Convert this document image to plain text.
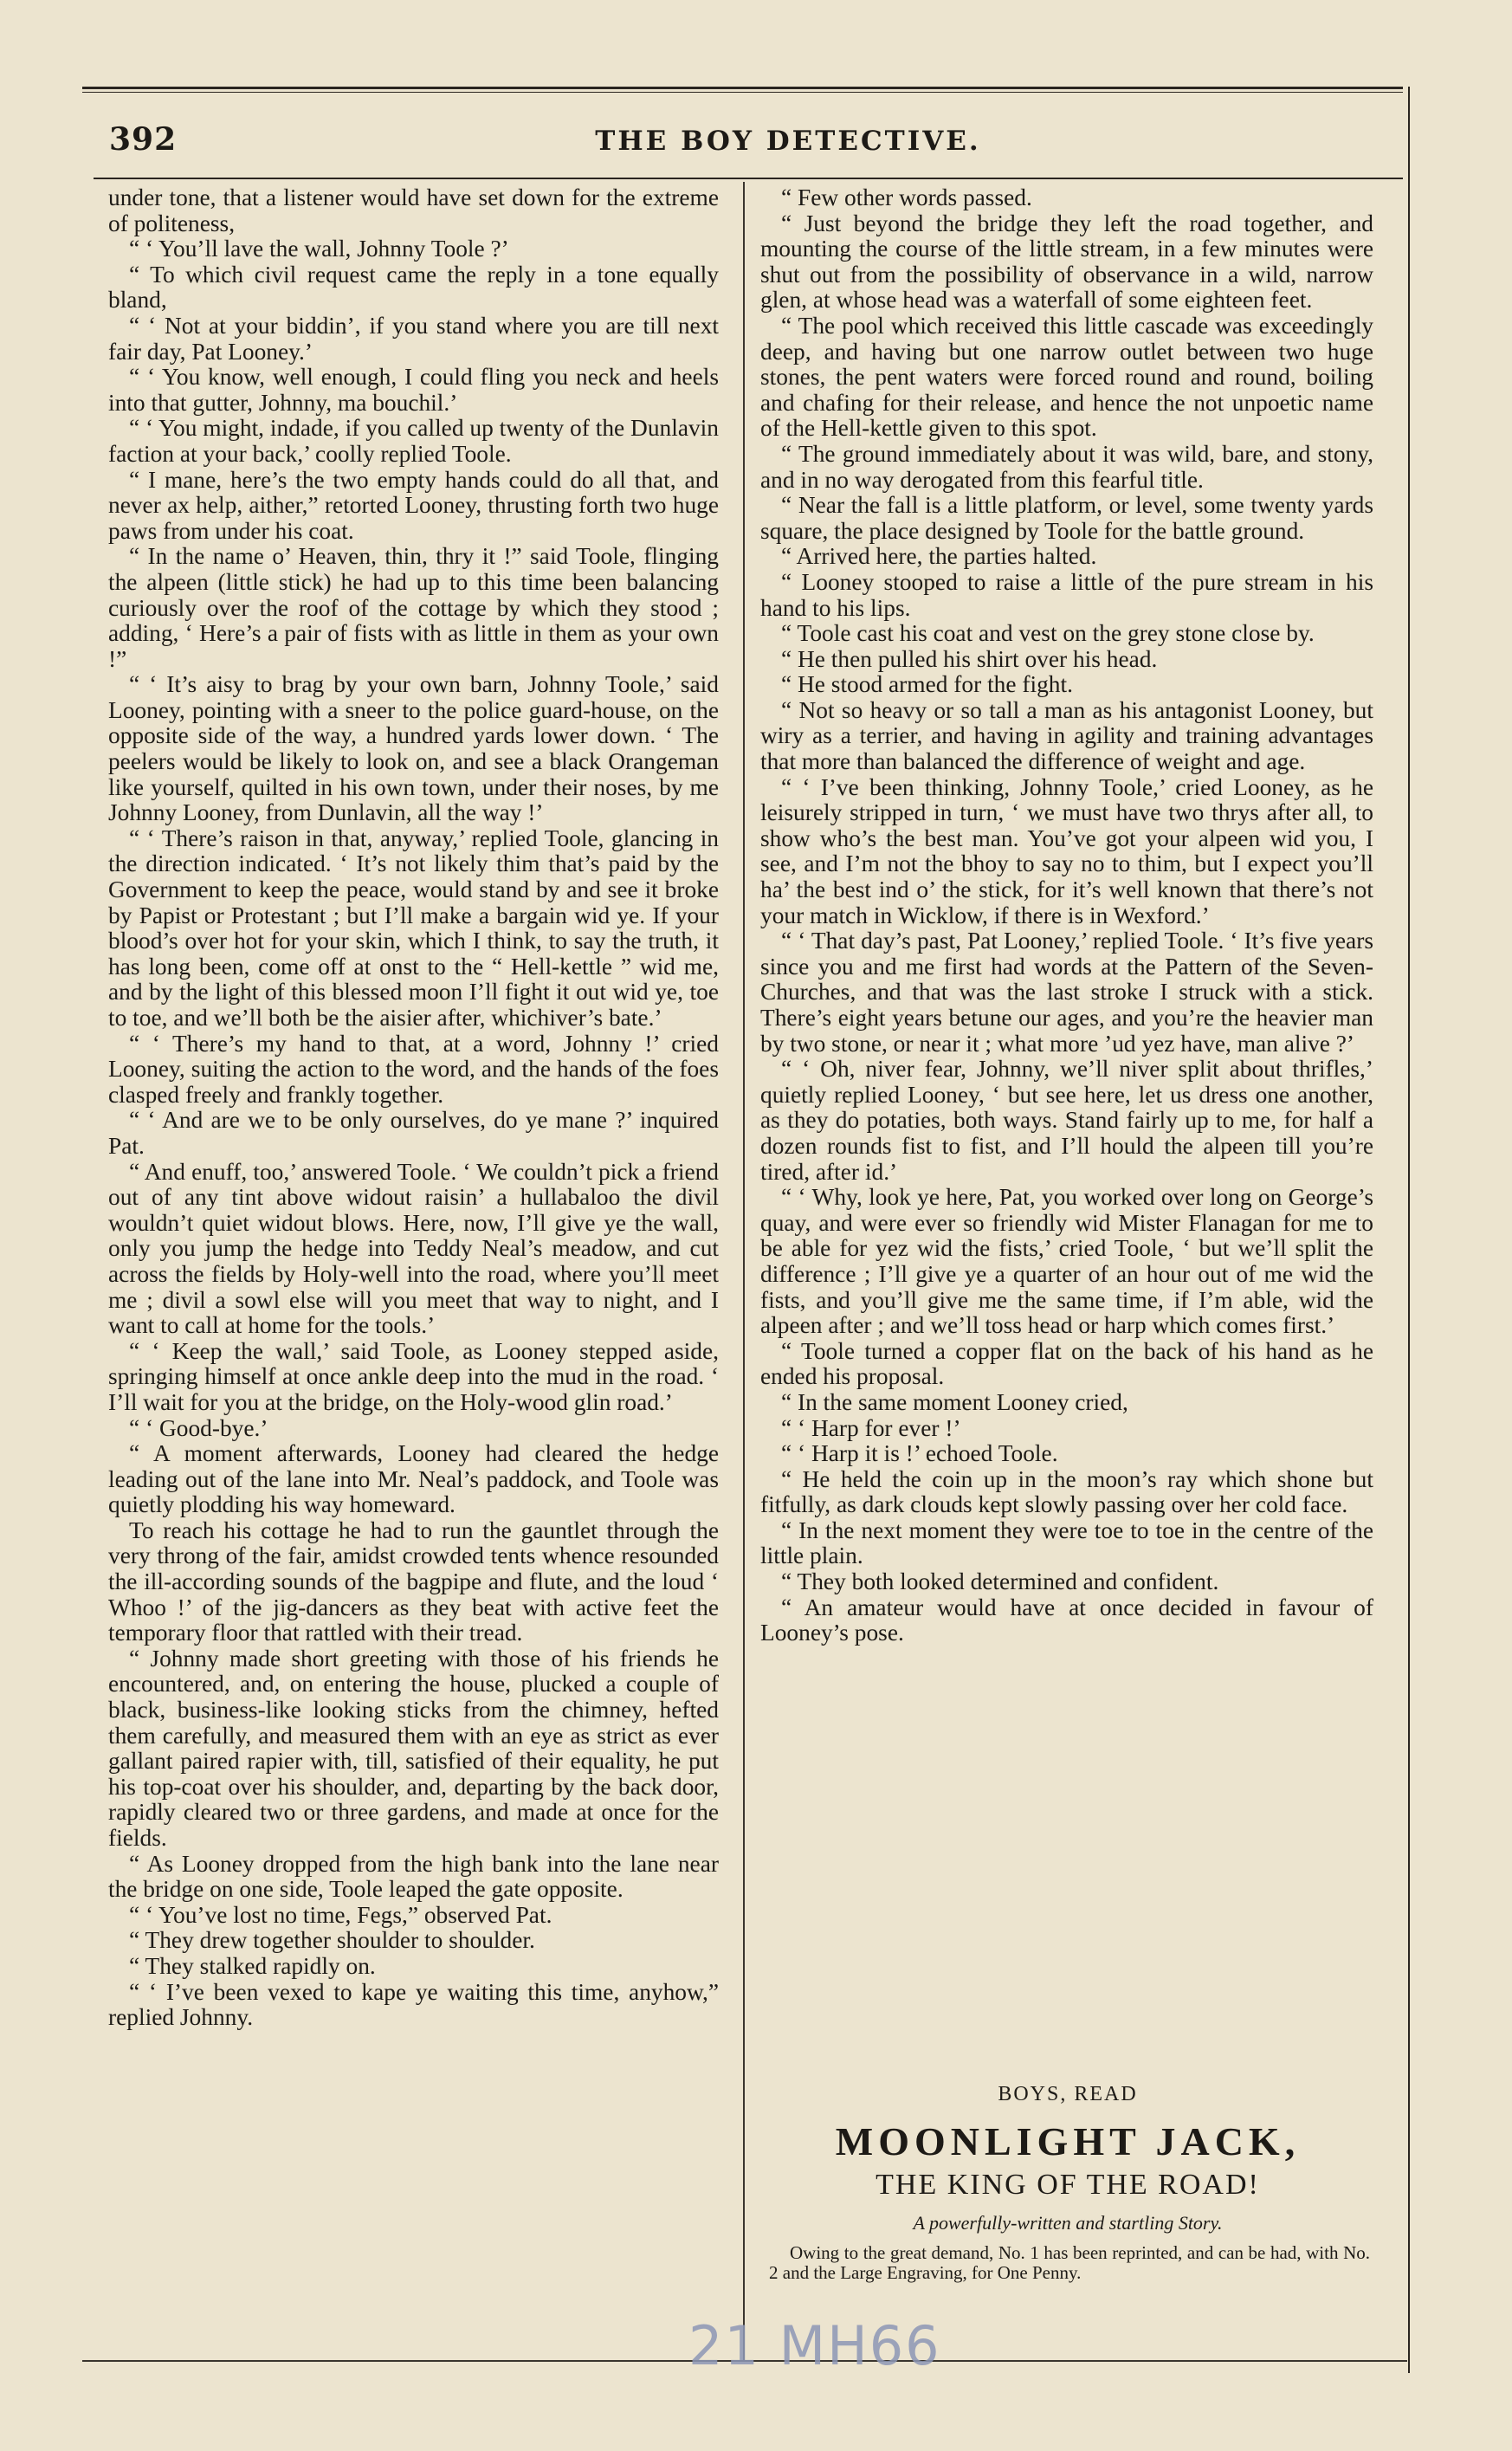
392	THE BOY DETECTIVE.

under tone, that a listener would have set down for the extreme of politeness,

“ ‘ You’ll lave the wall, Johnny Toole ?’

“ To which civil request came the reply in a tone equally bland,

“ ‘ Not at your biddin’, if you stand where you are till next fair day, Pat Looney.’

“ ‘ You know, well enough, I could fling you neck and heels into that gutter, Johnny, ma bouchil.’

“ ‘ You might, indade, if you called up twenty of the Dunlavin faction at your back,’ coolly replied Toole.

“ I mane, here’s the two empty hands could do all that, and never ax help, aither,” retorted Looney, thrusting forth two huge paws from under his coat.

“ In the name o’ Heaven, thin, thry it !” said Toole, flinging the alpeen (little stick) he had up to this time been balancing curiously over the roof of the cottage by which they stood ; adding, ‘ Here’s a pair of fists with as little in them as your own !”

“ ‘ It’s aisy to brag by your own barn, Johnny Toole,’ said Looney, pointing with a sneer to the police guard-house, on the opposite side of the way, a hundred yards lower down. ‘ The peelers would be likely to look on, and see a black Orangeman like yourself, quilted in his own town, under their noses, by me Johnny Looney, from Dunlavin, all the way !’

“ ‘ There’s raison in that, anyway,’ replied Toole, glancing in the direction indicated. ‘ It’s not likely thim that’s paid by the Government to keep the peace, would stand by and see it broke by Papist or Protestant ; but I’ll make a bargain wid ye. If your blood’s over hot for your skin, which I think, to say the truth, it has long been, come off at onst to the “ Hell-kettle ” wid me, and by the light of this blessed moon I’ll fight it out wid ye, toe to toe, and we’ll both be the aisier after, whichiver’s bate.’

“ ‘ There’s my hand to that, at a word, Johnny !’ cried Looney, suiting the action to the word, and the hands of the foes clasped freely and frankly together.

“ ‘ And are we to be only ourselves, do ye mane ?’ inquired Pat.

“ And enuff, too,’ answered Toole. ‘ We couldn’t pick a friend out of any tint above widout raisin’ a hullabaloo the divil wouldn’t quiet widout blows. Here, now, I’ll give ye the wall, only you jump the hedge into Teddy Neal’s meadow, and cut across the fields by Holy-well into the road, where you’ll meet me ; divil a sowl else will you meet that way to night, and I want to call at home for the tools.’

“ ‘ Keep the wall,’ said Toole, as Looney stepped aside, springing himself at once ankle deep into the mud in the road. ‘ I’ll wait for you at the bridge, on the Holy-wood glin road.’

“ ‘ Good-bye.’

“ A moment afterwards, Looney had cleared the hedge leading out of the lane into Mr. Neal’s paddock, and Toole was quietly plodding his way homeward.

To reach his cottage he had to run the gauntlet through the very throng of the fair, amidst crowded tents whence resounded the ill-according sounds of the bagpipe and flute, and the loud ‘ Whoo !’ of the jig-dancers as they beat with active feet the temporary floor that rattled with their tread.

“ Johnny made short greeting with those of his friends he encountered, and, on entering the house, plucked a couple of black, business-like looking sticks from the chimney, hefted them carefully, and measured them with an eye as strict as ever gallant paired rapier with, till, satisfied of their equality, he put his top-coat over his shoulder, and, departing by the back door, rapidly cleared two or three gardens, and made at once for the fields.

“ As Looney dropped from the high bank into the lane near the bridge on one side, Toole leaped the gate opposite.

“ ‘ You’ve lost no time, Fegs,” observed Pat.

“ They drew together shoulder to shoulder.

“ They stalked rapidly on.

“ ‘ I’ve been vexed to kape ye waiting this time, anyhow,” replied Johnny.

“ Few other words passed.

“ Just beyond the bridge they left the road together, and mounting the course of the little stream, in a few minutes were shut out from the possibility of observance in a wild, narrow glen, at whose head was a waterfall of some eighteen feet.

“ The pool which received this little cascade was exceedingly deep, and having but one narrow outlet between two huge stones, the pent waters were forced round and round, boiling and chafing for their release, and hence the not unpoetic name of the Hell-kettle given to this spot.

“ The ground immediately about it was wild, bare, and stony, and in no way derogated from this fearful title.

“ Near the fall is a little platform, or level, some twenty yards square, the place designed by Toole for the battle ground.

“ Arrived here, the parties halted.

“ Looney stooped to raise a little of the pure stream in his hand to his lips.

“ Toole cast his coat and vest on the grey stone close by.

“ He then pulled his shirt over his head.

“ He stood armed for the fight.

“ Not so heavy or so tall a man as his antagonist Looney, but wiry as a terrier, and having in agility and training advantages that more than balanced the difference of weight and age.

“ ‘ I’ve been thinking, Johnny Toole,’ cried Looney, as he leisurely stripped in turn, ‘ we must have two thrys after all, to show who’s the best man. You’ve got your alpeen wid you, I see, and I’m not the bhoy to say no to thim, but I expect you’ll ha’ the best ind o’ the stick, for it’s well known that there’s not your match in Wicklow, if there is in Wexford.’

“ ‘ That day’s past, Pat Looney,’ replied Toole. ‘ It’s five years since you and me first had words at the Pattern of the Seven-Churches, and that was the last stroke I struck with a stick. There’s eight years betune our ages, and you’re the heavier man by two stone, or near it ; what more ’ud yez have, man alive ?’

“ ‘ Oh, niver fear, Johnny, we’ll niver split about thrifles,’ quietly replied Looney, ‘ but see here, let us dress one another, as they do potaties, both ways. Stand fairly up to me, for half a dozen rounds fist to fist, and I’ll hould the alpeen till you’re tired, after id.’

“ ‘ Why, look ye here, Pat, you worked over long on George’s quay, and were ever so friendly wid Mister Flanagan for me to be able for yez wid the fists,’ cried Toole, ‘ but we’ll split the difference ; I’ll give ye a quarter of an hour out of me wid the fists, and you’ll give me the same time, if I’m able, wid the alpeen after ; and we’ll toss head or harp which comes first.’

“ Toole turned a copper flat on the back of his hand as he ended his proposal.

“ In the same moment Looney cried,

“ ‘ Harp for ever !’

“ ‘ Harp it is !’ echoed Toole.

“ He held the coin up in the moon’s ray which shone but fitfully, as dark clouds kept slowly passing over her cold face.

“ In the next moment they were toe to toe in the centre of the little plain.

“ They both looked determined and confident.

“ An amateur would have at once decided in favour of Looney’s pose.

BOYS, READ
MOONLIGHT JACK,
THE KING OF THE ROAD!
A powerfully-written and startling Story.
Owing to the great demand, No. 1 has been reprinted, and can be had, with No. 2 and the Large Engraving, for One Penny.
21 MH66
